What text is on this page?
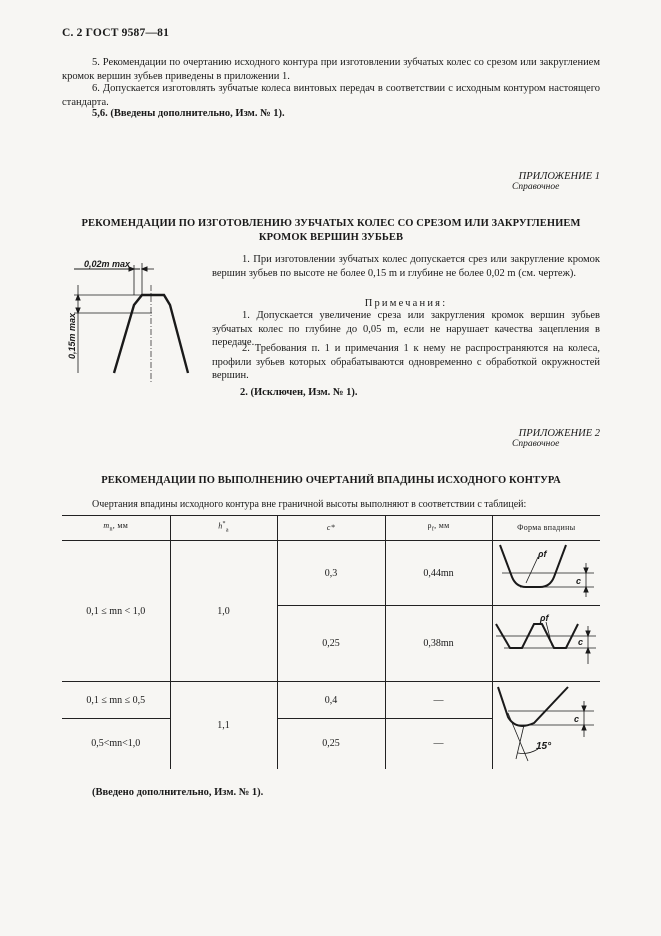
С. 2 ГОСТ 9587—81
5. Рекомендации по очертанию исходного контура при изготовлении зубчатых колес со срезом или закруглением кромок вершин зубьев приведены в приложении 1.
6. Допускается изготовлять зубчатые колеса винтовых передач в соответствии с исходным контуром настоящего стандарта.
5,6. (Введены дополнительно, Изм. № 1).
ПРИЛОЖЕНИЕ 1
Справочное
РЕКОМЕНДАЦИИ ПО ИЗГОТОВЛЕНИЮ ЗУБЧАТЫХ КОЛЕС СО СРЕЗОМ ИЛИ ЗАКРУГЛЕНИЕМ КРОМОК ВЕРШИН ЗУБЬЕВ
0,02m max
0,15m max
1. При изготовлении зубчатых колес допускается срез или закругление кромок вершин зубьев по высоте не более 0,15 m и глубине не более 0,02 m (см. чертеж).
Примечания:
1. Допускается увеличение среза или закругления кромок вершин зубьев зубчатых колес по глубине до 0,05 m, если не нарушает качества зацепления в передаче.
2. Требования п. 1 и примечания 1 к нему не распространяются на колеса, профили зубьев которых обрабатываются одновременно с обработкой окружностей вершин.
2. (Исключен, Изм. № 1).
ПРИЛОЖЕНИЕ 2
Справочное
РЕКОМЕНДАЦИИ ПО ВЫПОЛНЕНИЮ ОЧЕРТАНИЙ ВПАДИНЫ ИСХОДНОГО КОНТУРА
Очертания впадины исходного контура вне граничной высоты выполняют в соответствии с таблицей:
$m_n$, мм	$h^*_a$	c*	$\rho_f$, мм	Форма впадины
0,1 ≤ mn < 1,0	1,0	0,3	0,44mn	ρf
c

		0,25	0,38mn	ρf
c

0,1 ≤ mn ≤ 0,5	1,1	0,4	—	c
15°

0,5<mn<1,0		0,25	—	
(Введено дополнительно, Изм. № 1).
